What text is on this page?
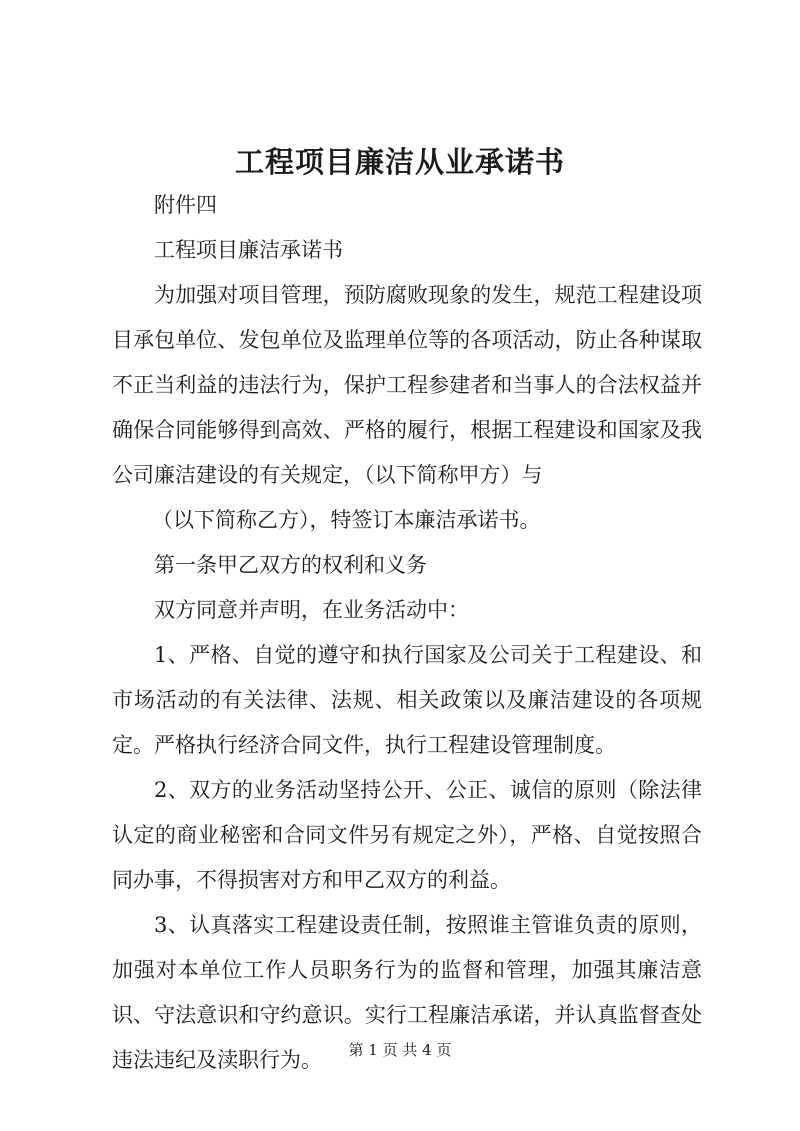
工程项目廉洁从业承诺书

附件四

工程项目廉洁承诺书

为加强对项目管理，预防腐败现象的发生，规范工程建设项目承包单位、发包单位及监理单位等的各项活动，防止各种谋取不正当利益的违法行为，保护工程参建者和当事人的合法权益并确保合同能够得到高效、严格的履行，根据工程建设和国家及我公司廉洁建设的有关规定，（以下简称甲方）与

（以下简称乙方），特签订本廉洁承诺书。

第一条甲乙双方的权利和义务

双方同意并声明，在业务活动中：

1、严格、自觉的遵守和执行国家及公司关于工程建设、和市场活动的有关法律、法规、相关政策以及廉洁建设的各项规定。严格执行经济合同文件，执行工程建设管理制度。

2、双方的业务活动坚持公开、公正、诚信的原则（除法律认定的商业秘密和合同文件另有规定之外），严格、自觉按照合同办事，不得损害对方和甲乙双方的利益。

3、认真落实工程建设责任制，按照谁主管谁负责的原则，加强对本单位工作人员职务行为的监督和管理，加强其廉洁意识、守法意识和守约意识。实行工程廉洁承诺，并认真监督查处违法违纪及渎职行为。	第 1 页 共 4 页
